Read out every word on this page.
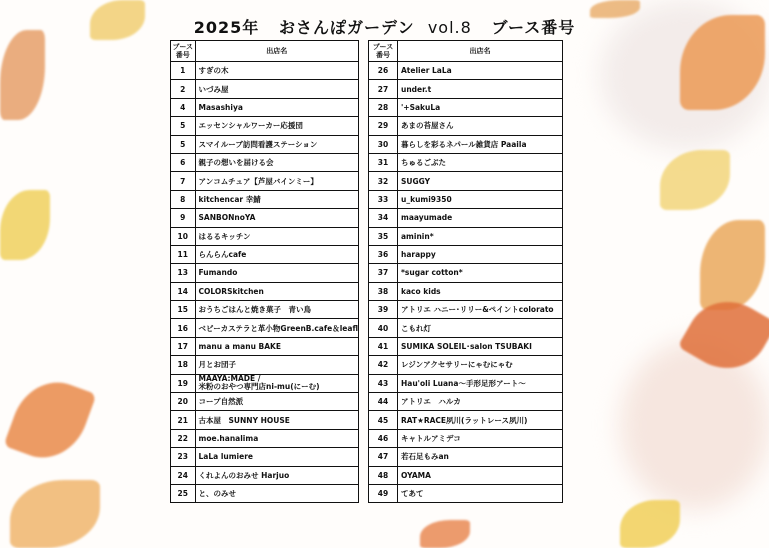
2025年 おさんぽガーデン vol.8 ブース番号
ブース
番号	出店名
1	すぎの木
2	いづみ屋
4	Masashiya
5	エッセンシャルワーカー応援団
5	スマイルーブ訪問看護ステーション
6	親子の想いを届ける会
7	アンコムチュア【芦屋バインミー】
8	kitchencar 幸鯖
9	SANBONnoYA
10	はるるキッチン
11	らんらんcafe
13	Fumando
14	COLORSkitchen
15	おうちごはんと焼き菓子　青い鳥
16	ベビーカステラと革小物GreenB.cafe＆leafl
17	manu a manu BAKE
18	月とお団子
19	MAAYA:MADE /
米粉のおやつ専門店ni-mu(にーむ)
20	コープ自然派
21	古本屋　SUNNY HOUSE
22	moe.hanalima
23	LaLa lumiere
24	くれよんのおみせ Harjuo
25	と、のみせ
ブース
番号	出店名
26	Atelier LaLa
27	under.t
28	'+SakuLa
29	あまの苔屋さん
30	暮らしを彩るネパール雑貨店 Paaila
31	ちゅるごぶた
32	SUGGY
33	u_kumi9350
34	maayumade
35	aminin*
36	harappy
37	*sugar cotton*
38	kaco kids
39	アトリエ ハニー･リリー&ペイントcolorato
40	こもれ灯
41	SUMIKA SOLEIL･salon TSUBAKI
42	レジンアクセサリーにゃむにゃむ
43	Hau'oli Luana～手形足形アート～
44	アトリエ　ハルカ
45	RAT★RACE夙川(ラットレース夙川)
46	キャトルアミデコ
47	若石足もみan
48	OYAMA
49	てあて
